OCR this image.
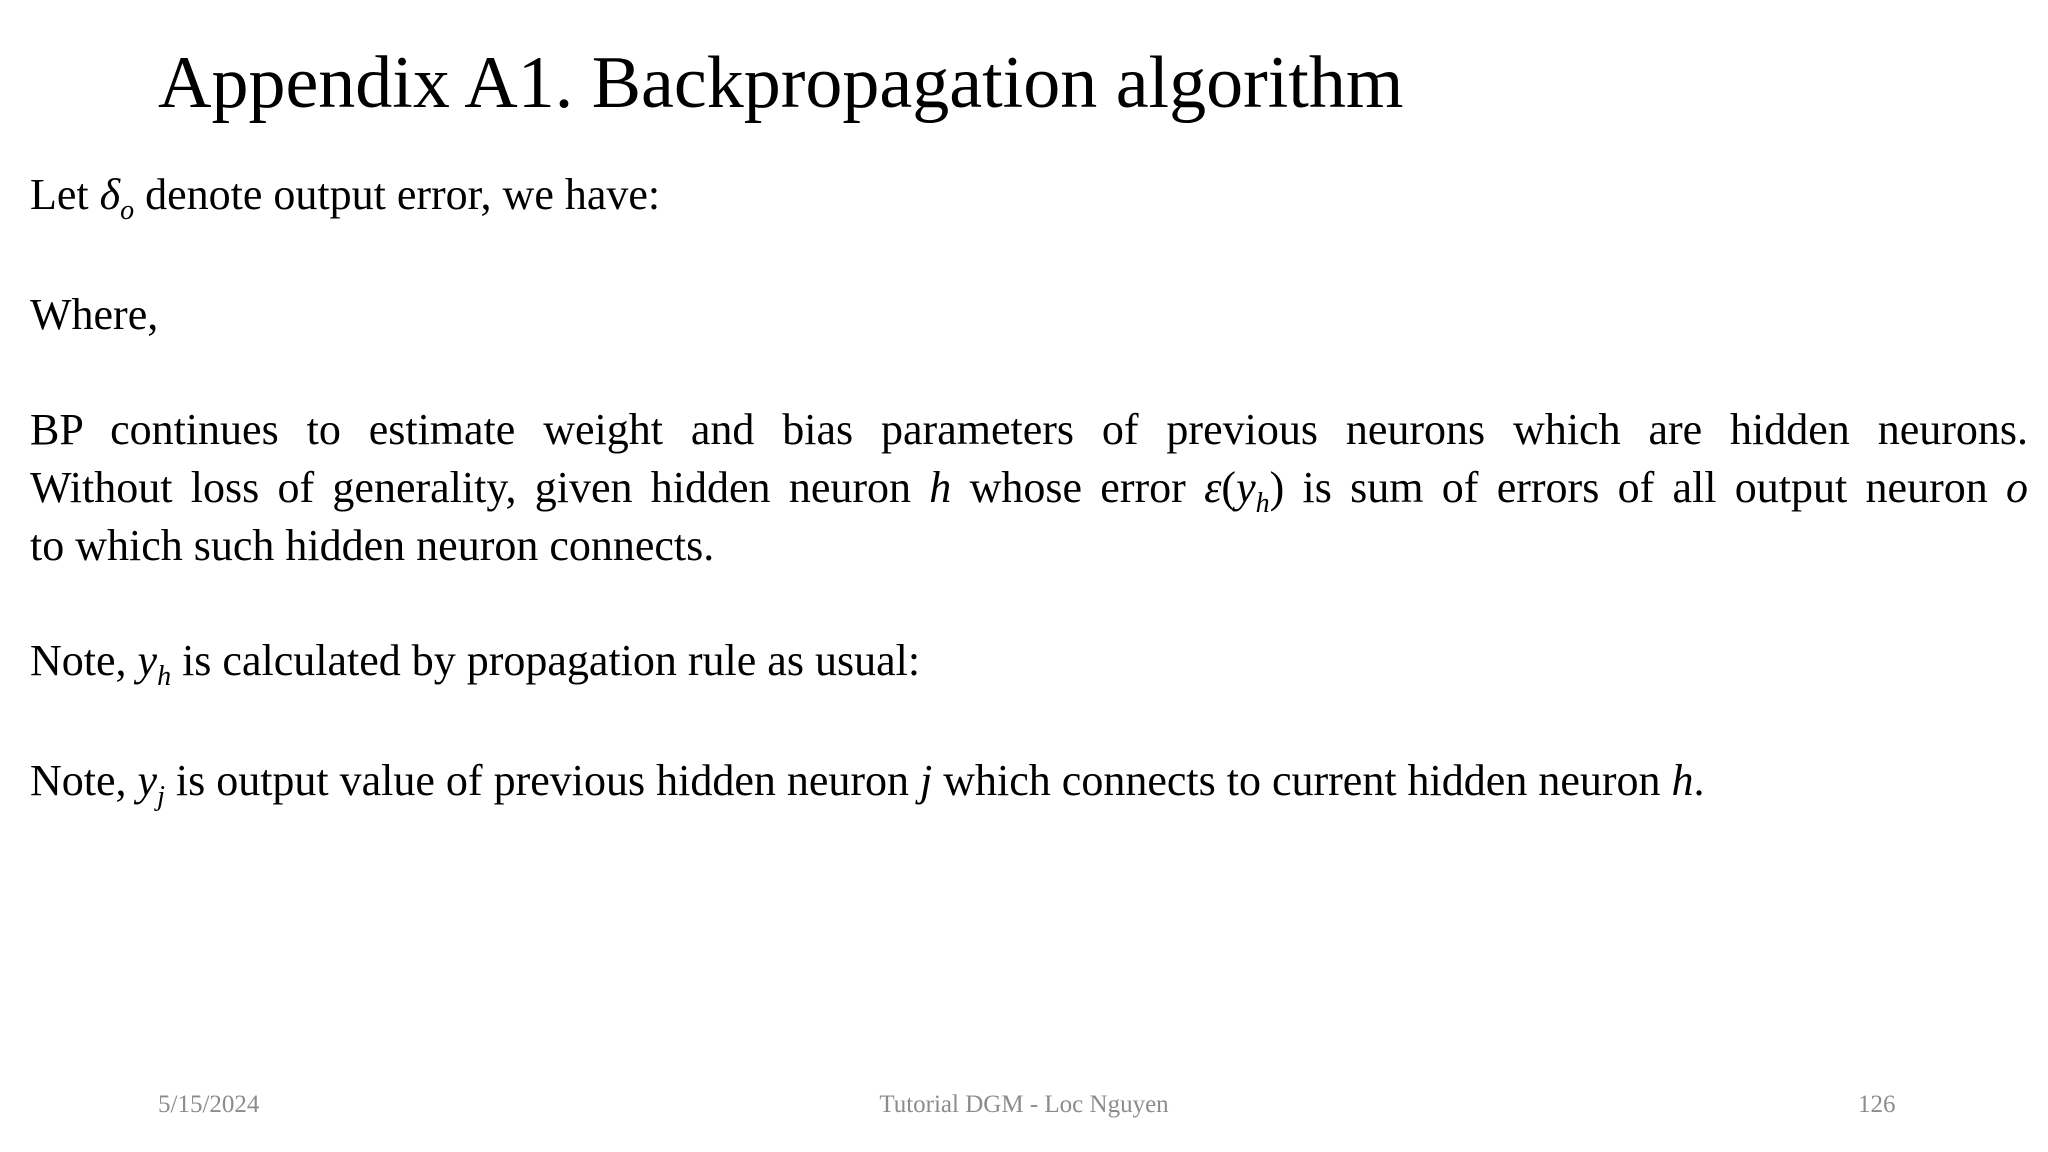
Appendix A1. Backpropagation algorithm
Let $\delta_o$ denote output error, we have:
Where,
BP continues to estimate weight and bias parameters of previous neurons which are hidden neurons.
Without loss of generality, given hidden neuron h whose error $\varepsilon(y_h)$ is sum of errors of all output neuron o
to which such hidden neuron connects.
Note, $y_h$ is calculated by propagation rule as usual:
Note, $y_j$ is output value of previous hidden neuron j which connects to current hidden neuron h.
5/15/2024	Tutorial DGM - Loc Nguyen	126
